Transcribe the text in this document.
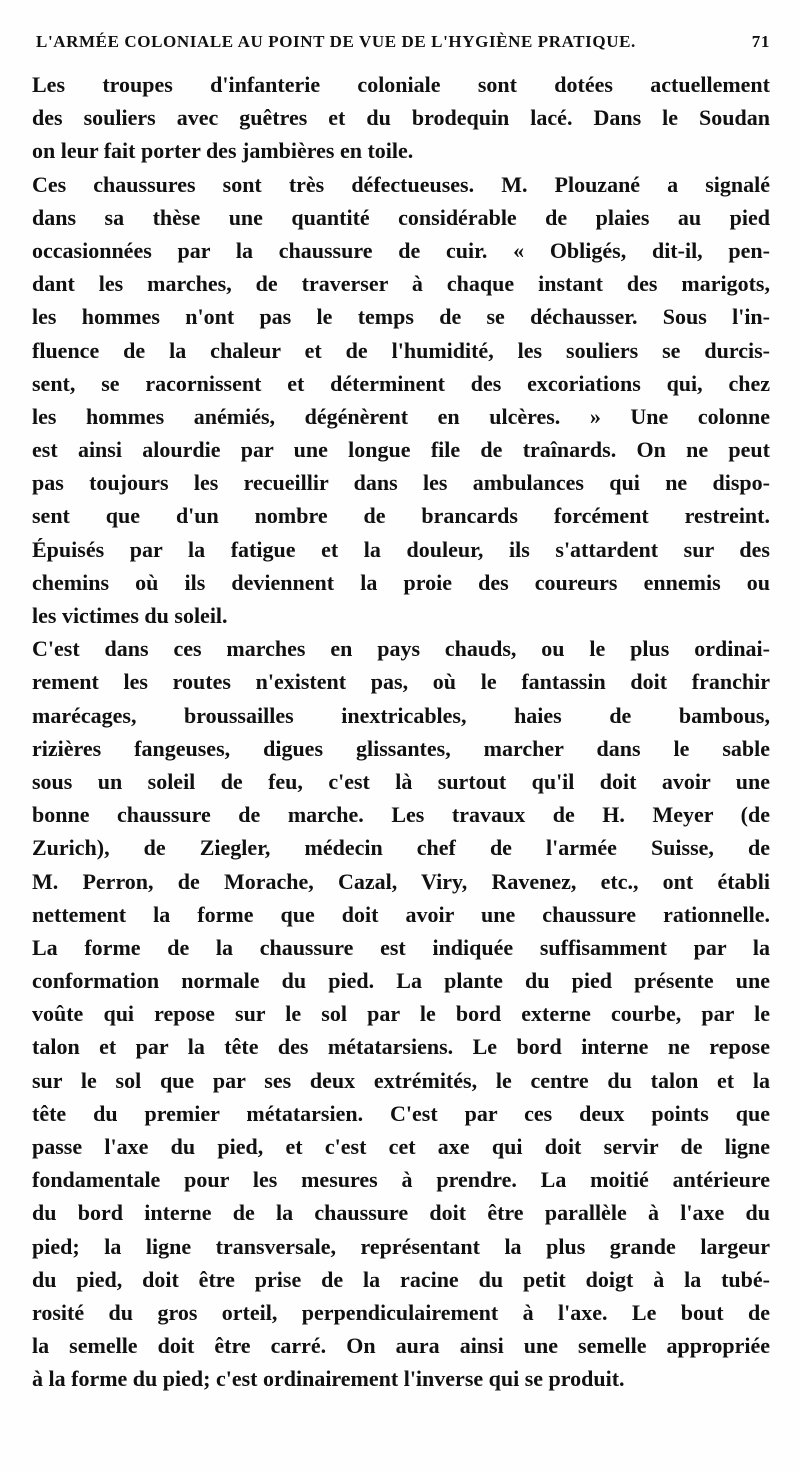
L'ARMÉE COLONIALE AU POINT DE VUE DE L'HYGIÈNE PRATIQUE.	71
Les troupes d'infanterie coloniale sont dotées actuellement
des souliers avec guêtres et du brodequin lacé. Dans le Soudan
on leur fait porter des jambières en toile.
Ces chaussures sont très défectueuses. M. Plouzané a signalé
dans sa thèse une quantité considérable de plaies au pied
occasionnées par la chaussure de cuir. « Obligés, dit-il, pen-
dant les marches, de traverser à chaque instant des marigots,
les hommes n'ont pas le temps de se déchausser. Sous l'in-
fluence de la chaleur et de l'humidité, les souliers se durcis-
sent, se racornissent et déterminent des excoriations qui, chez
les hommes anémiés, dégénèrent en ulcères. » Une colonne
est ainsi alourdie par une longue file de traînards. On ne peut
pas toujours les recueillir dans les ambulances qui ne dispo-
sent que d'un nombre de brancards forcément restreint.
Épuisés par la fatigue et la douleur, ils s'attardent sur des
chemins où ils deviennent la proie des coureurs ennemis ou
les victimes du soleil.
C'est dans ces marches en pays chauds, ou le plus ordinai-
rement les routes n'existent pas, où le fantassin doit franchir
marécages, broussailles inextricables, haies de bambous,
rizières fangeuses, digues glissantes, marcher dans le sable
sous un soleil de feu, c'est là surtout qu'il doit avoir une
bonne chaussure de marche. Les travaux de H. Meyer (de
Zurich), de Ziegler, médecin chef de l'armée Suisse, de
M. Perron, de Morache, Cazal, Viry, Ravenez, etc., ont établi
nettement la forme que doit avoir une chaussure rationnelle.
La forme de la chaussure est indiquée suffisamment par la
conformation normale du pied. La plante du pied présente une
voûte qui repose sur le sol par le bord externe courbe, par le
talon et par la tête des métatarsiens. Le bord interne ne repose
sur le sol que par ses deux extrémités, le centre du talon et la
tête du premier métatarsien. C'est par ces deux points que
passe l'axe du pied, et c'est cet axe qui doit servir de ligne
fondamentale pour les mesures à prendre. La moitié antérieure
du bord interne de la chaussure doit être parallèle à l'axe du
pied; la ligne transversale, représentant la plus grande largeur
du pied, doit être prise de la racine du petit doigt à la tubé-
rosité du gros orteil, perpendiculairement à l'axe. Le bout de
la semelle doit être carré. On aura ainsi une semelle appropriée
à la forme du pied; c'est ordinairement l'inverse qui se produit.
